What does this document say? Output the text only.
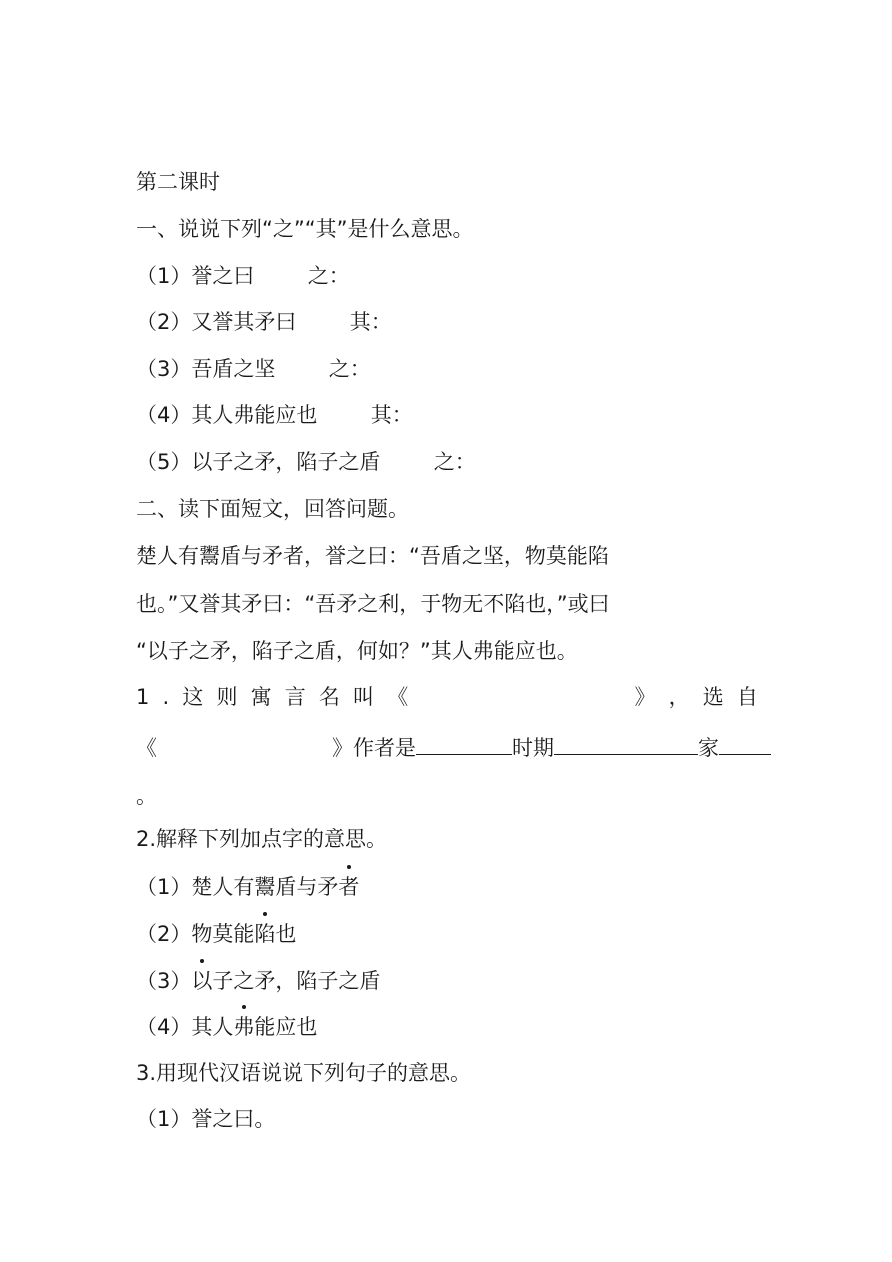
第二课时
一、说说下列“之”“其”是什么意思。
（1）誉之曰	之：
（2）又誉其矛曰	其：
（3）吾盾之坚	之：
（4）其人弗能应也	其：
（5）以子之矛，陷子之盾	之：
二、读下面短文，回答问题。
楚人有鬻盾与矛者，誉之曰：“吾盾之坚，物莫能陷
也。”又誉其矛曰：“吾矛之利，于物无不陷也，”或曰
“以子之矛，陷子之盾，何如？”其人弗能应也。
1 . 这 则 寓 言 名 叫 《	》 ， 选 自
《	》作者是	时期	家
。
2.解释下列加点字的意思。
（1）楚人有鬻盾与矛者
（2）物莫能陷也
（3）以子之矛，陷子之盾
（4）其人弗能应也
3.用现代汉语说说下列句子的意思。
（1）誉之曰。
